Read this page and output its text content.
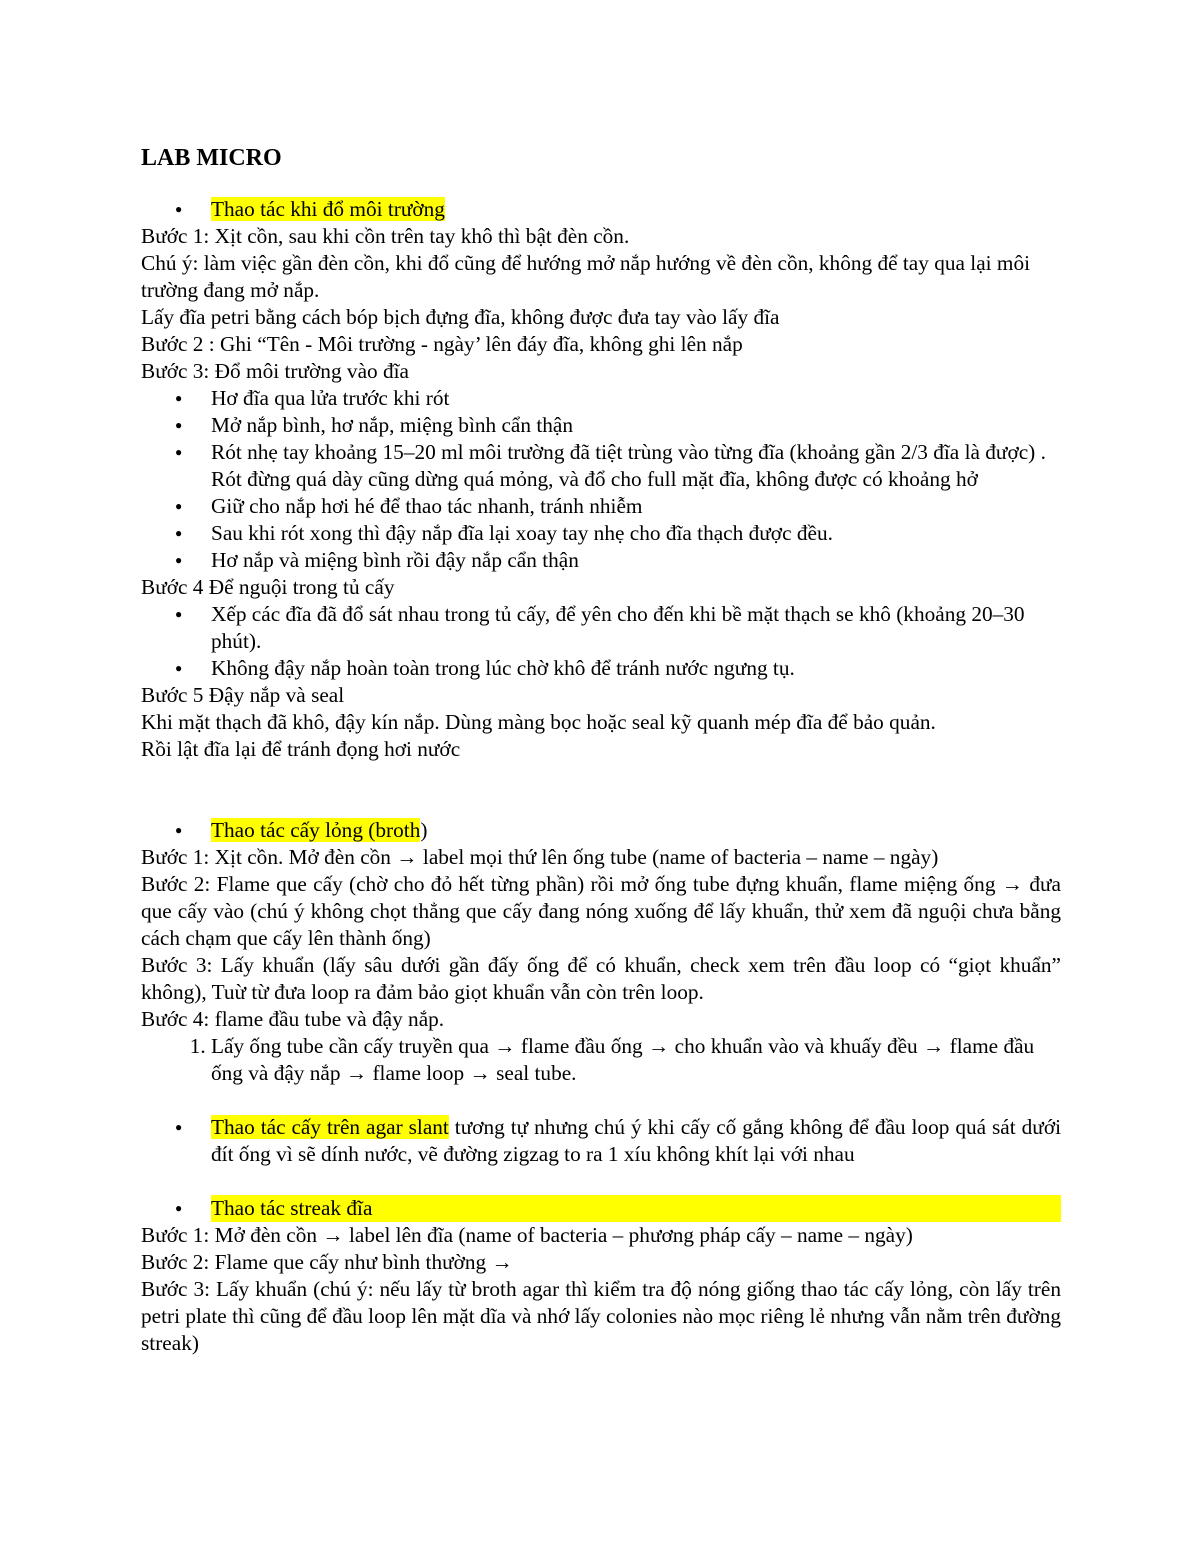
LAB MICRO
● Thao tác khi đổ môi trường

Bước 1: Xịt cồn, sau khi cồn trên tay khô thì bật đèn cồn.

Chú ý: làm việc gần đèn cồn, khi đổ cũng để hướng mở nắp hướng về đèn cồn, không để tay qua lại môi trường đang mở nắp.

Lấy đĩa petri bằng cách bóp bịch đựng đĩa, không được đưa tay vào lấy đĩa

Bước 2 : Ghi “Tên - Môi trường - ngày’ lên đáy đĩa, không ghi lên nắp

Bước 3: Đổ môi trường vào đĩa

● Hơ đĩa qua lửa trước khi rót
● Mở nắp bình, hơ nắp, miệng bình cẩn thận
● Rót nhẹ tay khoảng 15–20 ml môi trường đã tiệt trùng vào từng đĩa (khoảng gần 2/3 đĩa là được) . Rót đừng quá dày cũng dừng quá mỏng, và đổ cho full mặt đĩa, không được có khoảng hở
● Giữ cho nắp hơi hé để thao tác nhanh, tránh nhiễm
● Sau khi rót xong thì đậy nắp đĩa lại xoay tay nhẹ cho đĩa thạch được đều.
● Hơ nắp và miệng bình rồi đậy nắp cẩn thận

Bước 4 Để nguội trong tủ cấy

● Xếp các đĩa đã đổ sát nhau trong tủ cấy, để yên cho đến khi bề mặt thạch se khô (khoảng 20–30 phút).
● Không đậy nắp hoàn toàn trong lúc chờ khô để tránh nước ngưng tụ.

Bước 5 Đậy nắp và seal

Khi mặt thạch đã khô, đậy kín nắp. Dùng màng bọc hoặc seal kỹ quanh mép đĩa để bảo quản.

Rồi lật đĩa lại để tránh đọng hơi nước

● Thao tác cấy lỏng (broth)

Bước 1: Xịt cồn. Mở đèn cồn → label mọi thứ lên ống tube (name of bacteria – name – ngày)

Bước 2: Flame que cấy (chờ cho đỏ hết từng phần) rồi mở ống tube đựng khuẩn, flame miệng ống → đưa que cấy vào (chú ý không chọt thẳng que cấy đang nóng xuống để lấy khuẩn, thử xem đã nguội chưa bằng cách chạm que cấy lên thành ống)

Bước 3: Lấy khuẩn (lấy sâu dưới gần đấy ống để có khuẩn, check xem trên đầu loop có “giọt khuẩn” không), Tuừ từ đưa loop ra đảm bảo giọt khuẩn vẫn còn trên loop.

Bước 4: flame đầu tube và đậy nắp.

1. Lấy ống tube cần cấy truyền qua → flame đầu ống → cho khuẩn vào và khuấy đều → flame đầu ống và đậy nắp → flame loop → seal tube.
● Thao tác cấy trên agar slant tương tự nhưng chú ý khi cấy cố gắng không để đầu loop quá sát dưới đít ống vì sẽ dính nước, vẽ đường zigzag to ra 1 xíu không khít lại với nhau
● Thao tác streak đĩa

Bước 1: Mở đèn cồn → label lên đĩa (name of bacteria – phương pháp cấy – name – ngày)

Bước 2: Flame que cấy như bình thường →

Bước 3: Lấy khuẩn (chú ý: nếu lấy từ broth agar thì kiểm tra độ nóng giống thao tác cấy lỏng, còn lấy trên petri plate thì cũng để đầu loop lên mặt dĩa và nhớ lấy colonies nào mọc riêng lẻ nhưng vẫn nằm trên đường streak)
